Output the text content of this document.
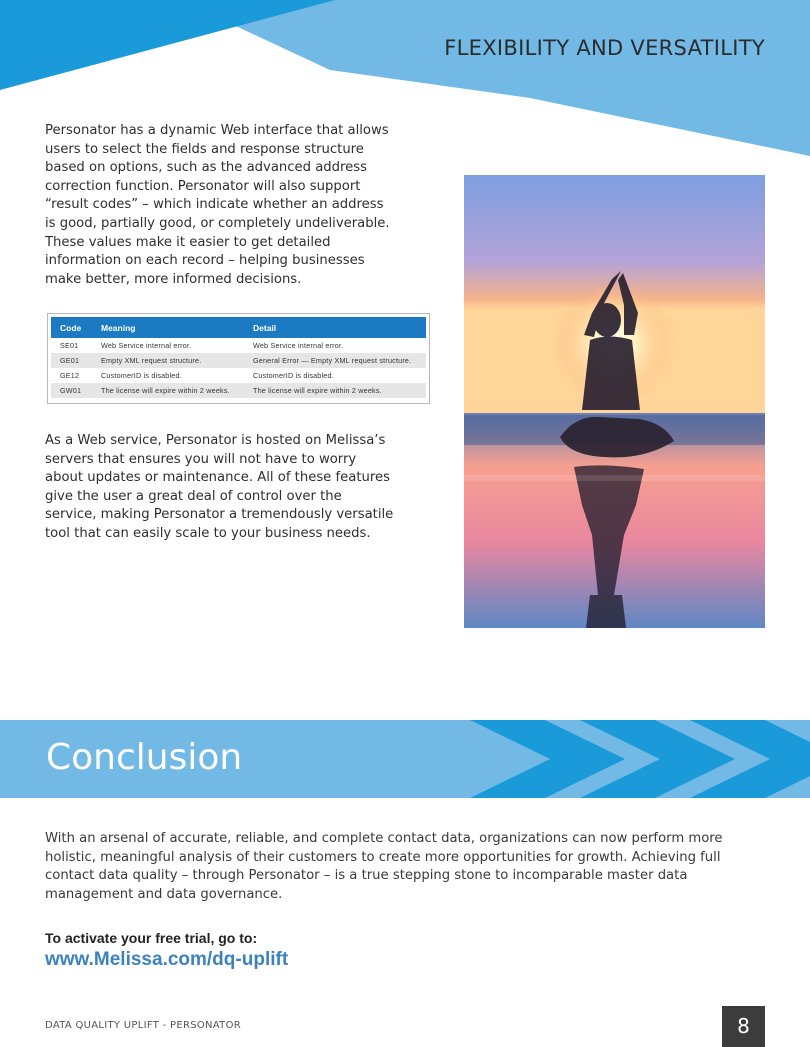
FLEXIBILITY AND VERSATILITY

Personator has a dynamic Web interface that allows users to select the fields and response structure based on options, such as the advanced address correction function. Personator will also support “result codes” – which indicate whether an address is good, partially good, or completely undeliverable. These values make it easier to get detailed information on each record – helping businesses make better, more informed decisions.

Code	Meaning	Detail
SE01	Web Service internal error.	Web Service internal error.
GE01	Empty XML request structure.	General Error — Empty XML request structure.
GE12	CustomerID is disabled.	CustomerID is disabled.
GW01	The license will expire within 2 weeks.	The license will expire within 2 weeks.

As a Web service, Personator is hosted on Melissa’s servers that ensures you will not have to worry about updates or maintenance. All of these features give the user a great deal of control over the service, making Personator a tremendously versatile tool that can easily scale to your business needs.

Conclusion

With an arsenal of accurate, reliable, and complete contact data, organizations can now perform more holistic, meaningful analysis of their customers to create more opportunities for growth. Achieving full contact data quality – through Personator – is a true stepping stone to incomparable master data management and data governance.

To activate your free trial, go to:
www.Melissa.com/dq-uplift
DATA QUALITY UPLIFT - PERSONATOR	8
